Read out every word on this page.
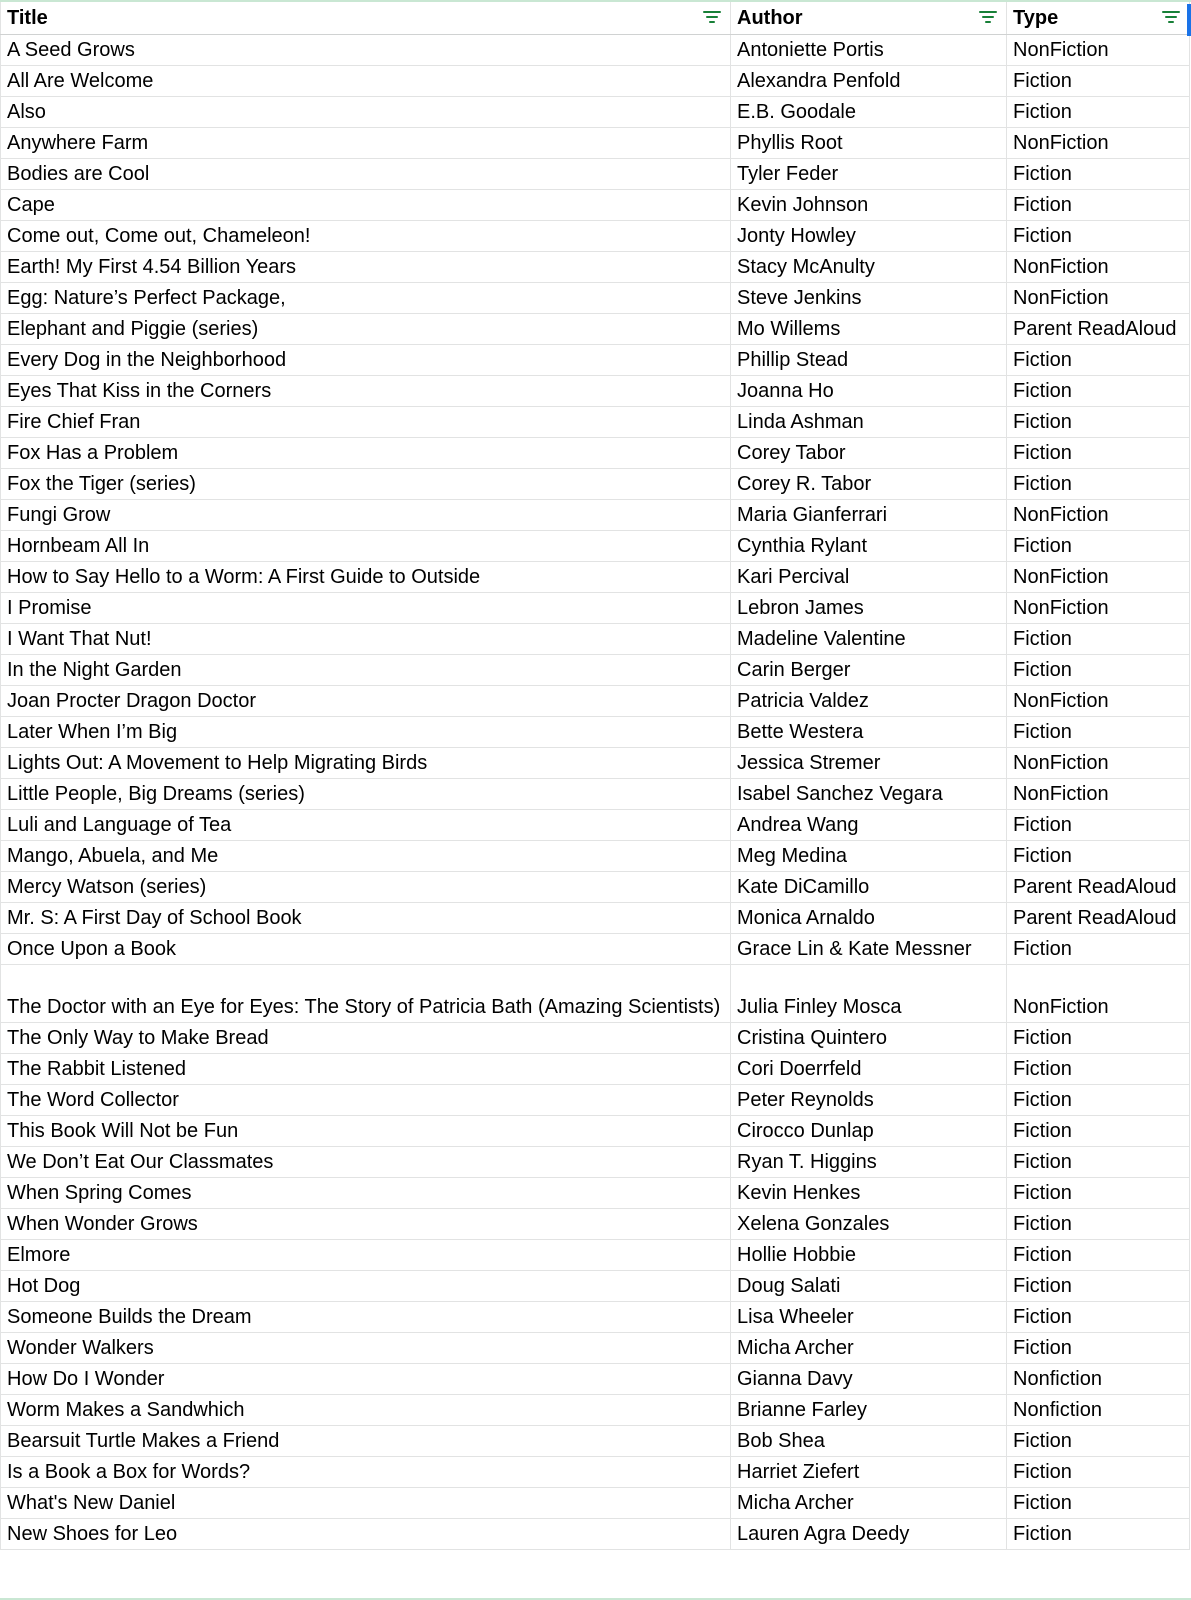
Title	Author	Type

A Seed Grows	Antoniette Portis	NonFiction
All Are Welcome	Alexandra Penfold	Fiction
Also	E.B. Goodale	Fiction
Anywhere Farm	Phyllis Root	NonFiction
Bodies are Cool	Tyler Feder	Fiction
Cape	Kevin Johnson	Fiction
Come out, Come out, Chameleon!	Jonty Howley	Fiction
Earth! My First 4.54 Billion Years	Stacy McAnulty	NonFiction
Egg: Nature’s Perfect Package,	Steve Jenkins	NonFiction
Elephant and Piggie (series)	Mo Willems	Parent ReadAloud
Every Dog in the Neighborhood	Phillip Stead	Fiction
Eyes That Kiss in the Corners	Joanna Ho	Fiction
Fire Chief Fran	Linda Ashman	Fiction
Fox Has a Problem	Corey Tabor	Fiction
Fox the Tiger (series)	Corey R. Tabor	Fiction
Fungi Grow	Maria Gianferrari	NonFiction
Hornbeam All In	Cynthia Rylant	Fiction
How to Say Hello to a Worm: A First Guide to Outside	Kari Percival	NonFiction
I Promise	Lebron James	NonFiction
I Want That Nut!	Madeline Valentine	Fiction
In the Night Garden	Carin Berger	Fiction
Joan Procter Dragon Doctor	Patricia Valdez	NonFiction
Later When I’m Big	Bette Westera	Fiction
Lights Out: A Movement to Help Migrating Birds	Jessica Stremer	NonFiction
Little People, Big Dreams (series)	Isabel Sanchez Vegara	NonFiction
Luli and Language of Tea	Andrea Wang	Fiction
Mango, Abuela, and Me	Meg Medina	Fiction
Mercy Watson (series)	Kate DiCamillo	Parent ReadAloud
Mr. S: A First Day of School Book	Monica Arnaldo	Parent ReadAloud
Once Upon a Book	Grace Lin & Kate Messner	Fiction
The Doctor with an Eye for Eyes: The Story of Patricia Bath (Amazing Scientists)	Julia Finley Mosca	NonFiction
The Only Way to Make Bread	Cristina Quintero	Fiction
The Rabbit Listened	Cori Doerrfeld	Fiction
The Word Collector	Peter Reynolds	Fiction
This Book Will Not be Fun	Cirocco Dunlap	Fiction
We Don’t Eat Our Classmates	Ryan T. Higgins	Fiction
When Spring Comes	Kevin Henkes	Fiction
When Wonder Grows	Xelena Gonzales	Fiction
Elmore	Hollie Hobbie	Fiction
Hot Dog	Doug Salati	Fiction
Someone Builds the Dream	Lisa Wheeler	Fiction
Wonder Walkers	Micha Archer	Fiction
How Do I Wonder	Gianna Davy	Nonfiction
Worm Makes a Sandwhich	Brianne Farley	Nonfiction
Bearsuit Turtle Makes a Friend	Bob Shea	Fiction
Is a Book a Box for Words?	Harriet Ziefert	Fiction
What's New Daniel	Micha Archer	Fiction
New Shoes for Leo	Lauren Agra Deedy	Fiction
